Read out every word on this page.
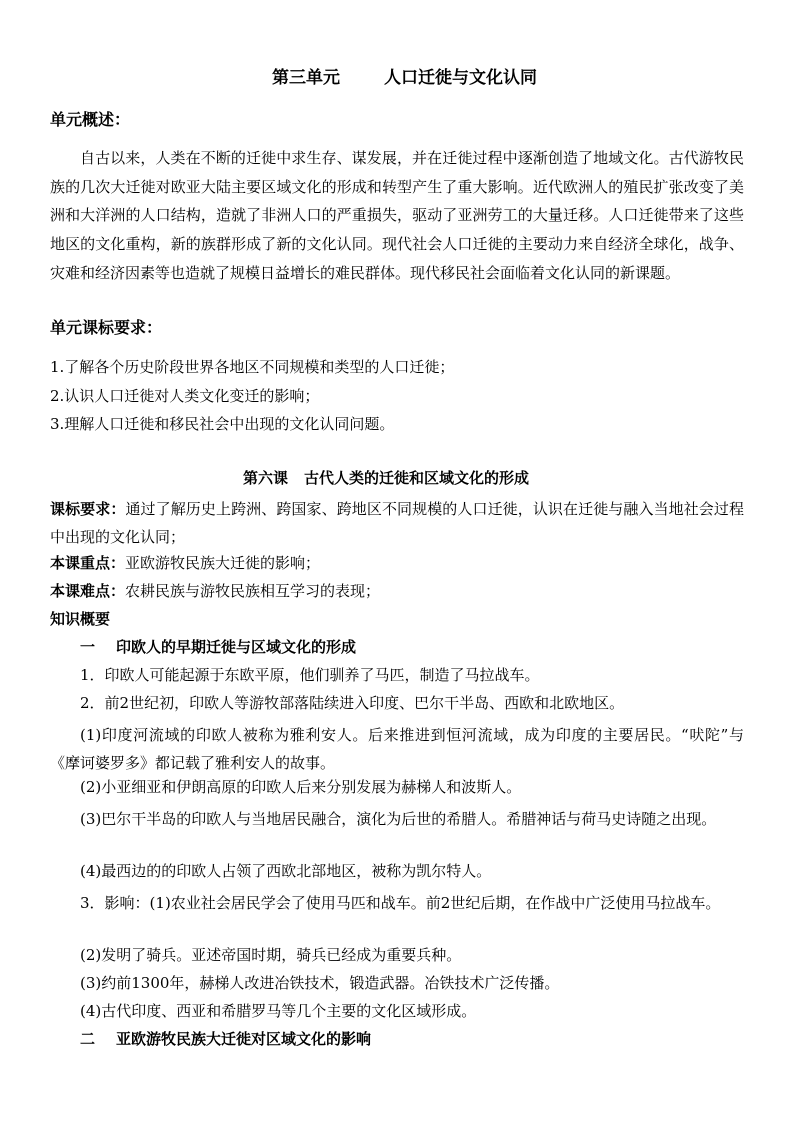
第三单元	人口迁徙与文化认同
单元概述：
自古以来，人类在不断的迁徙中求生存、谋发展，并在迁徙过程中逐渐创造了地域文化。古代游牧民族的几次大迁徙对欧亚大陆主要区域文化的形成和转型产生了重大影响。近代欧洲人的殖民扩张改变了美洲和大洋洲的人口结构，造就了非洲人口的严重损失，驱动了亚洲劳工的大量迁移。人口迁徙带来了这些地区的文化重构，新的族群形成了新的文化认同。现代社会人口迁徙的主要动力来自经济全球化，战争、灾难和经济因素等也造就了规模日益增长的难民群体。现代移民社会面临着文化认同的新课题。
单元课标要求：
1.了解各个历史阶段世界各地区不同规模和类型的人口迁徙；
2.认识人口迁徙对人类文化变迁的影响；
3.理解人口迁徙和移民社会中出现的文化认同问题。
第六课 古代人类的迁徙和区域文化的形成
课标要求：通过了解历史上跨洲、跨国家、跨地区不同规模的人口迁徙，认识在迁徙与融入当地社会过程中出现的文化认同；
本课重点：亚欧游牧民族大迁徙的影响；
本课难点：农耕民族与游牧民族相互学习的表现；
知识概要
一 印欧人的早期迁徙与区域文化的形成
1．印欧人可能起源于东欧平原，他们驯养了马匹，制造了马拉战车。
2．前2世纪初，印欧人等游牧部落陆续进入印度、巴尔干半岛、西欧和北欧地区。
(1)印度河流域的印欧人被称为雅利安人。后来推进到恒河流域，成为印度的主要居民。“吠陀”与《摩诃婆罗多》都记载了雅利安人的故事。
(2)小亚细亚和伊朗高原的印欧人后来分别发展为赫梯人和波斯人。
(3)巴尔干半岛的印欧人与当地居民融合，演化为后世的希腊人。希腊神话与荷马史诗随之出现。
(4)最西边的的印欧人占领了西欧北部地区，被称为凯尔特人。
3．影响：(1)农业社会居民学会了使用马匹和战车。前2世纪后期，在作战中广泛使用马拉战车。
(2)发明了骑兵。亚述帝国时期，骑兵已经成为重要兵种。
(3)约前1300年，赫梯人改进冶铁技术，锻造武器。冶铁技术广泛传播。
(4)古代印度、西亚和希腊罗马等几个主要的文化区域形成。
二 亚欧游牧民族大迁徙对区域文化的影响
